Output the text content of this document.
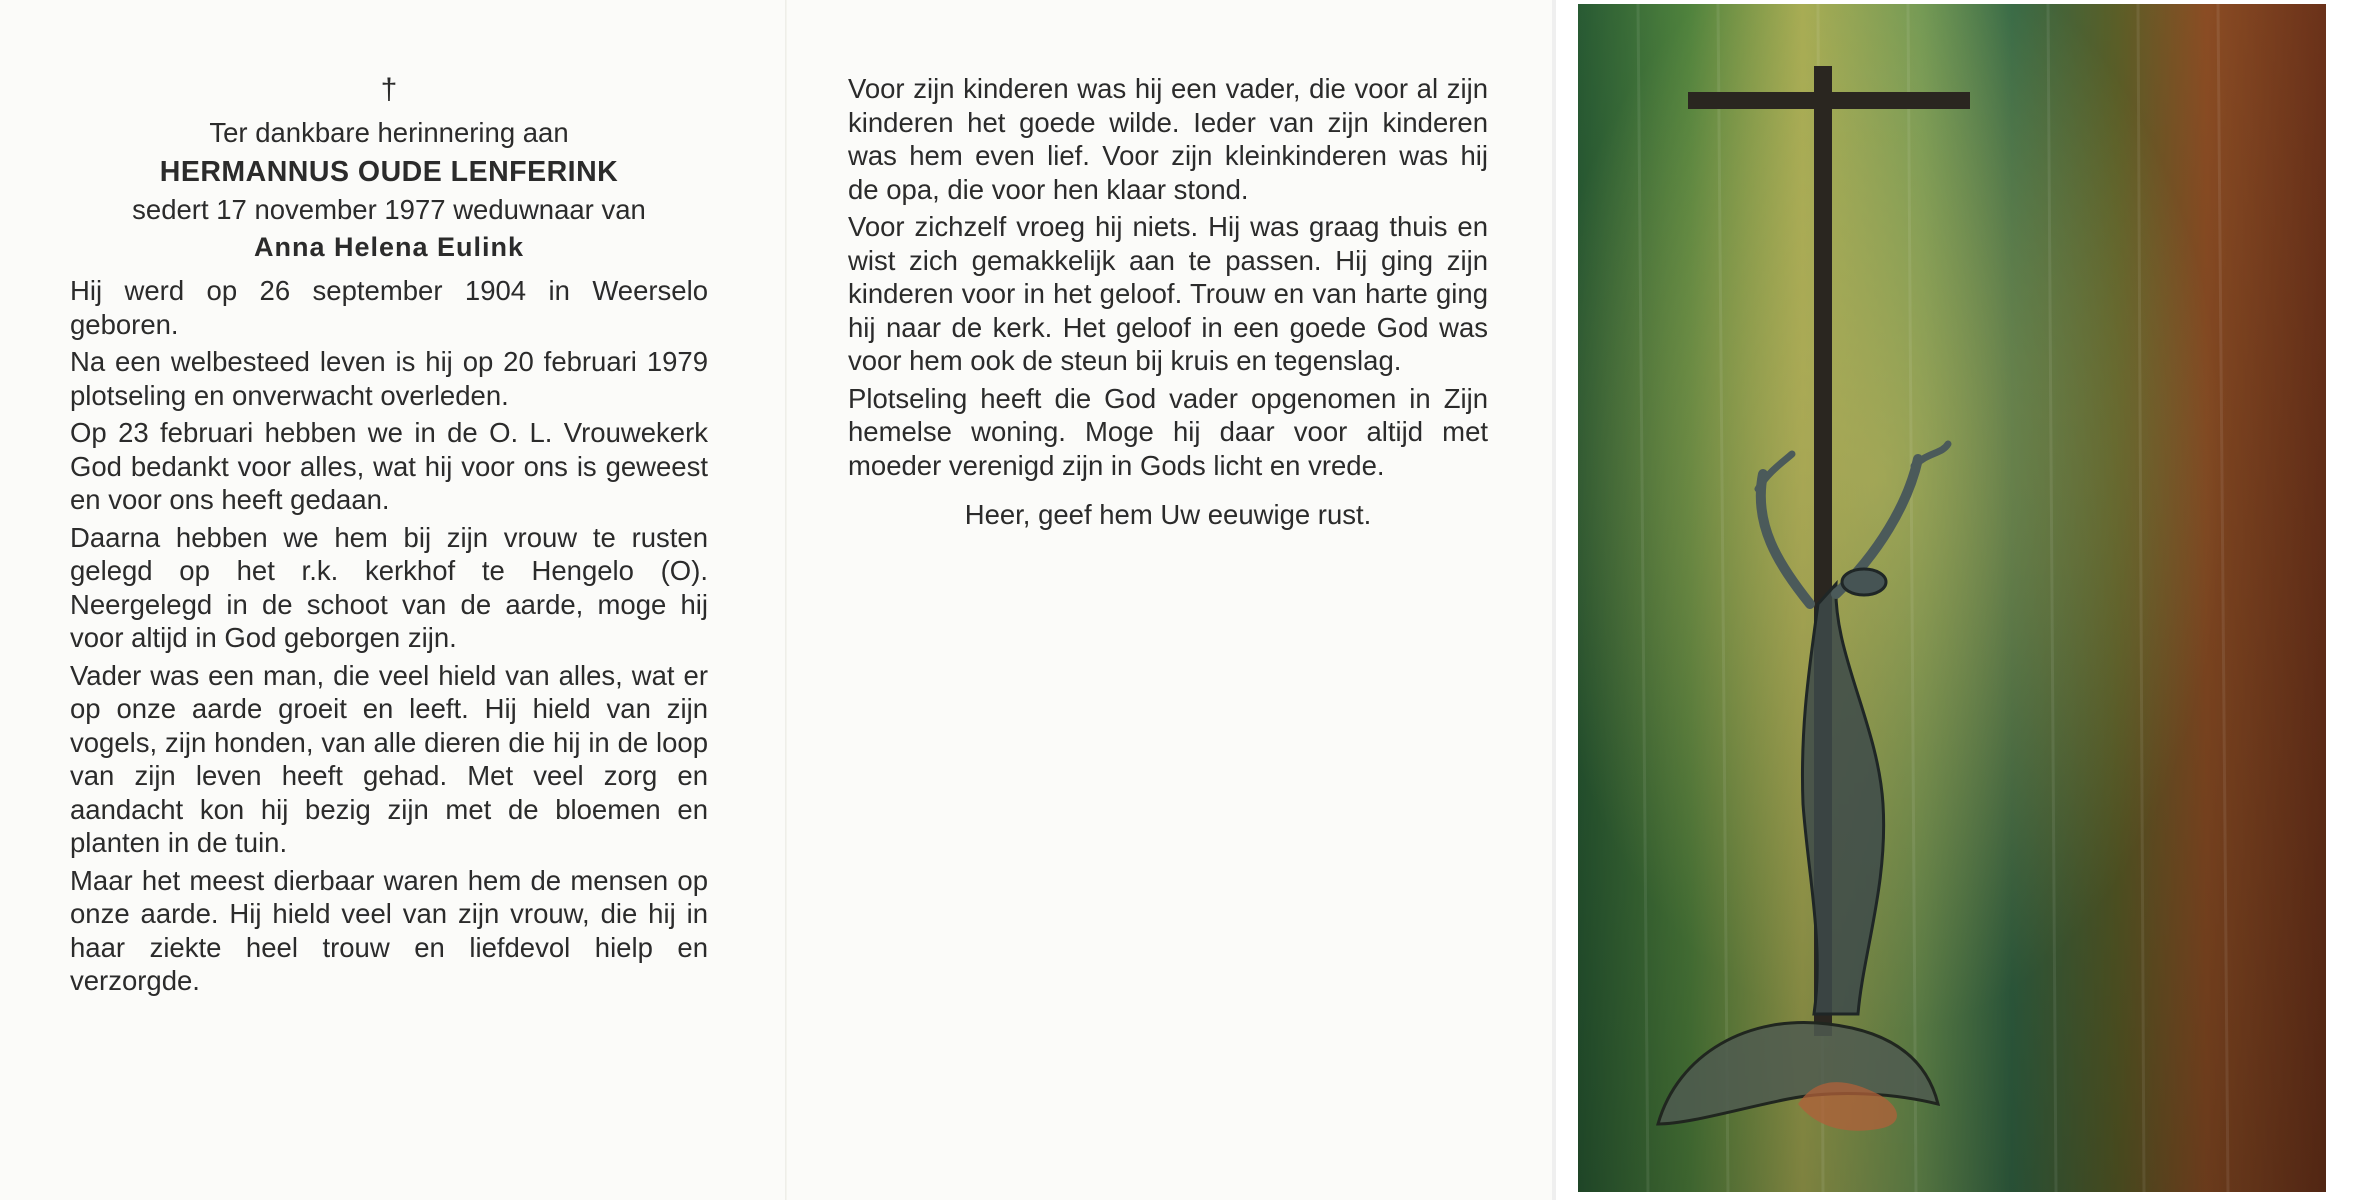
†
Ter dankbare herinnering aan
HERMANNUS OUDE LENFERINK
sedert 17 november 1977 weduwnaar van
Anna Helena Eulink

Hij werd op 26 september 1904 in Weerselo geboren.

Na een welbesteed leven is hij op 20 februari 1979 plotseling en onverwacht overleden.

Op 23 februari hebben we in de O. L. Vrouwekerk God bedankt voor alles, wat hij voor ons is geweest en voor ons heeft gedaan.

Daarna hebben we hem bij zijn vrouw te rusten gelegd op het r.k. kerkhof te Hengelo (O). Neergelegd in de schoot van de aarde, moge hij voor altijd in God geborgen zijn.

Vader was een man, die veel hield van alles, wat er op onze aarde groeit en leeft. Hij hield van zijn vogels, zijn honden, van alle dieren die hij in de loop van zijn leven heeft gehad. Met veel zorg en aandacht kon hij bezig zijn met de bloemen en planten in de tuin.

Maar het meest dierbaar waren hem de mensen op onze aarde. Hij hield veel van zijn vrouw, die hij in haar ziekte heel trouw en liefdevol hielp en verzorgde.

Voor zijn kinderen was hij een vader, die voor al zijn kinderen het goede wilde. Ieder van zijn kinderen was hem even lief. Voor zijn kleinkinderen was hij de opa, die voor hen klaar stond.

Voor zichzelf vroeg hij niets. Hij was graag thuis en wist zich gemakkelijk aan te passen. Hij ging zijn kinderen voor in het geloof. Trouw en van harte ging hij naar de kerk. Het geloof in een goede God was voor hem ook de steun bij kruis en tegenslag.

Plotseling heeft die God vader opgenomen in Zijn hemelse woning. Moge hij daar voor altijd met moeder verenigd zijn in Gods licht en vrede.

Heer, geef hem Uw eeuwige rust.
